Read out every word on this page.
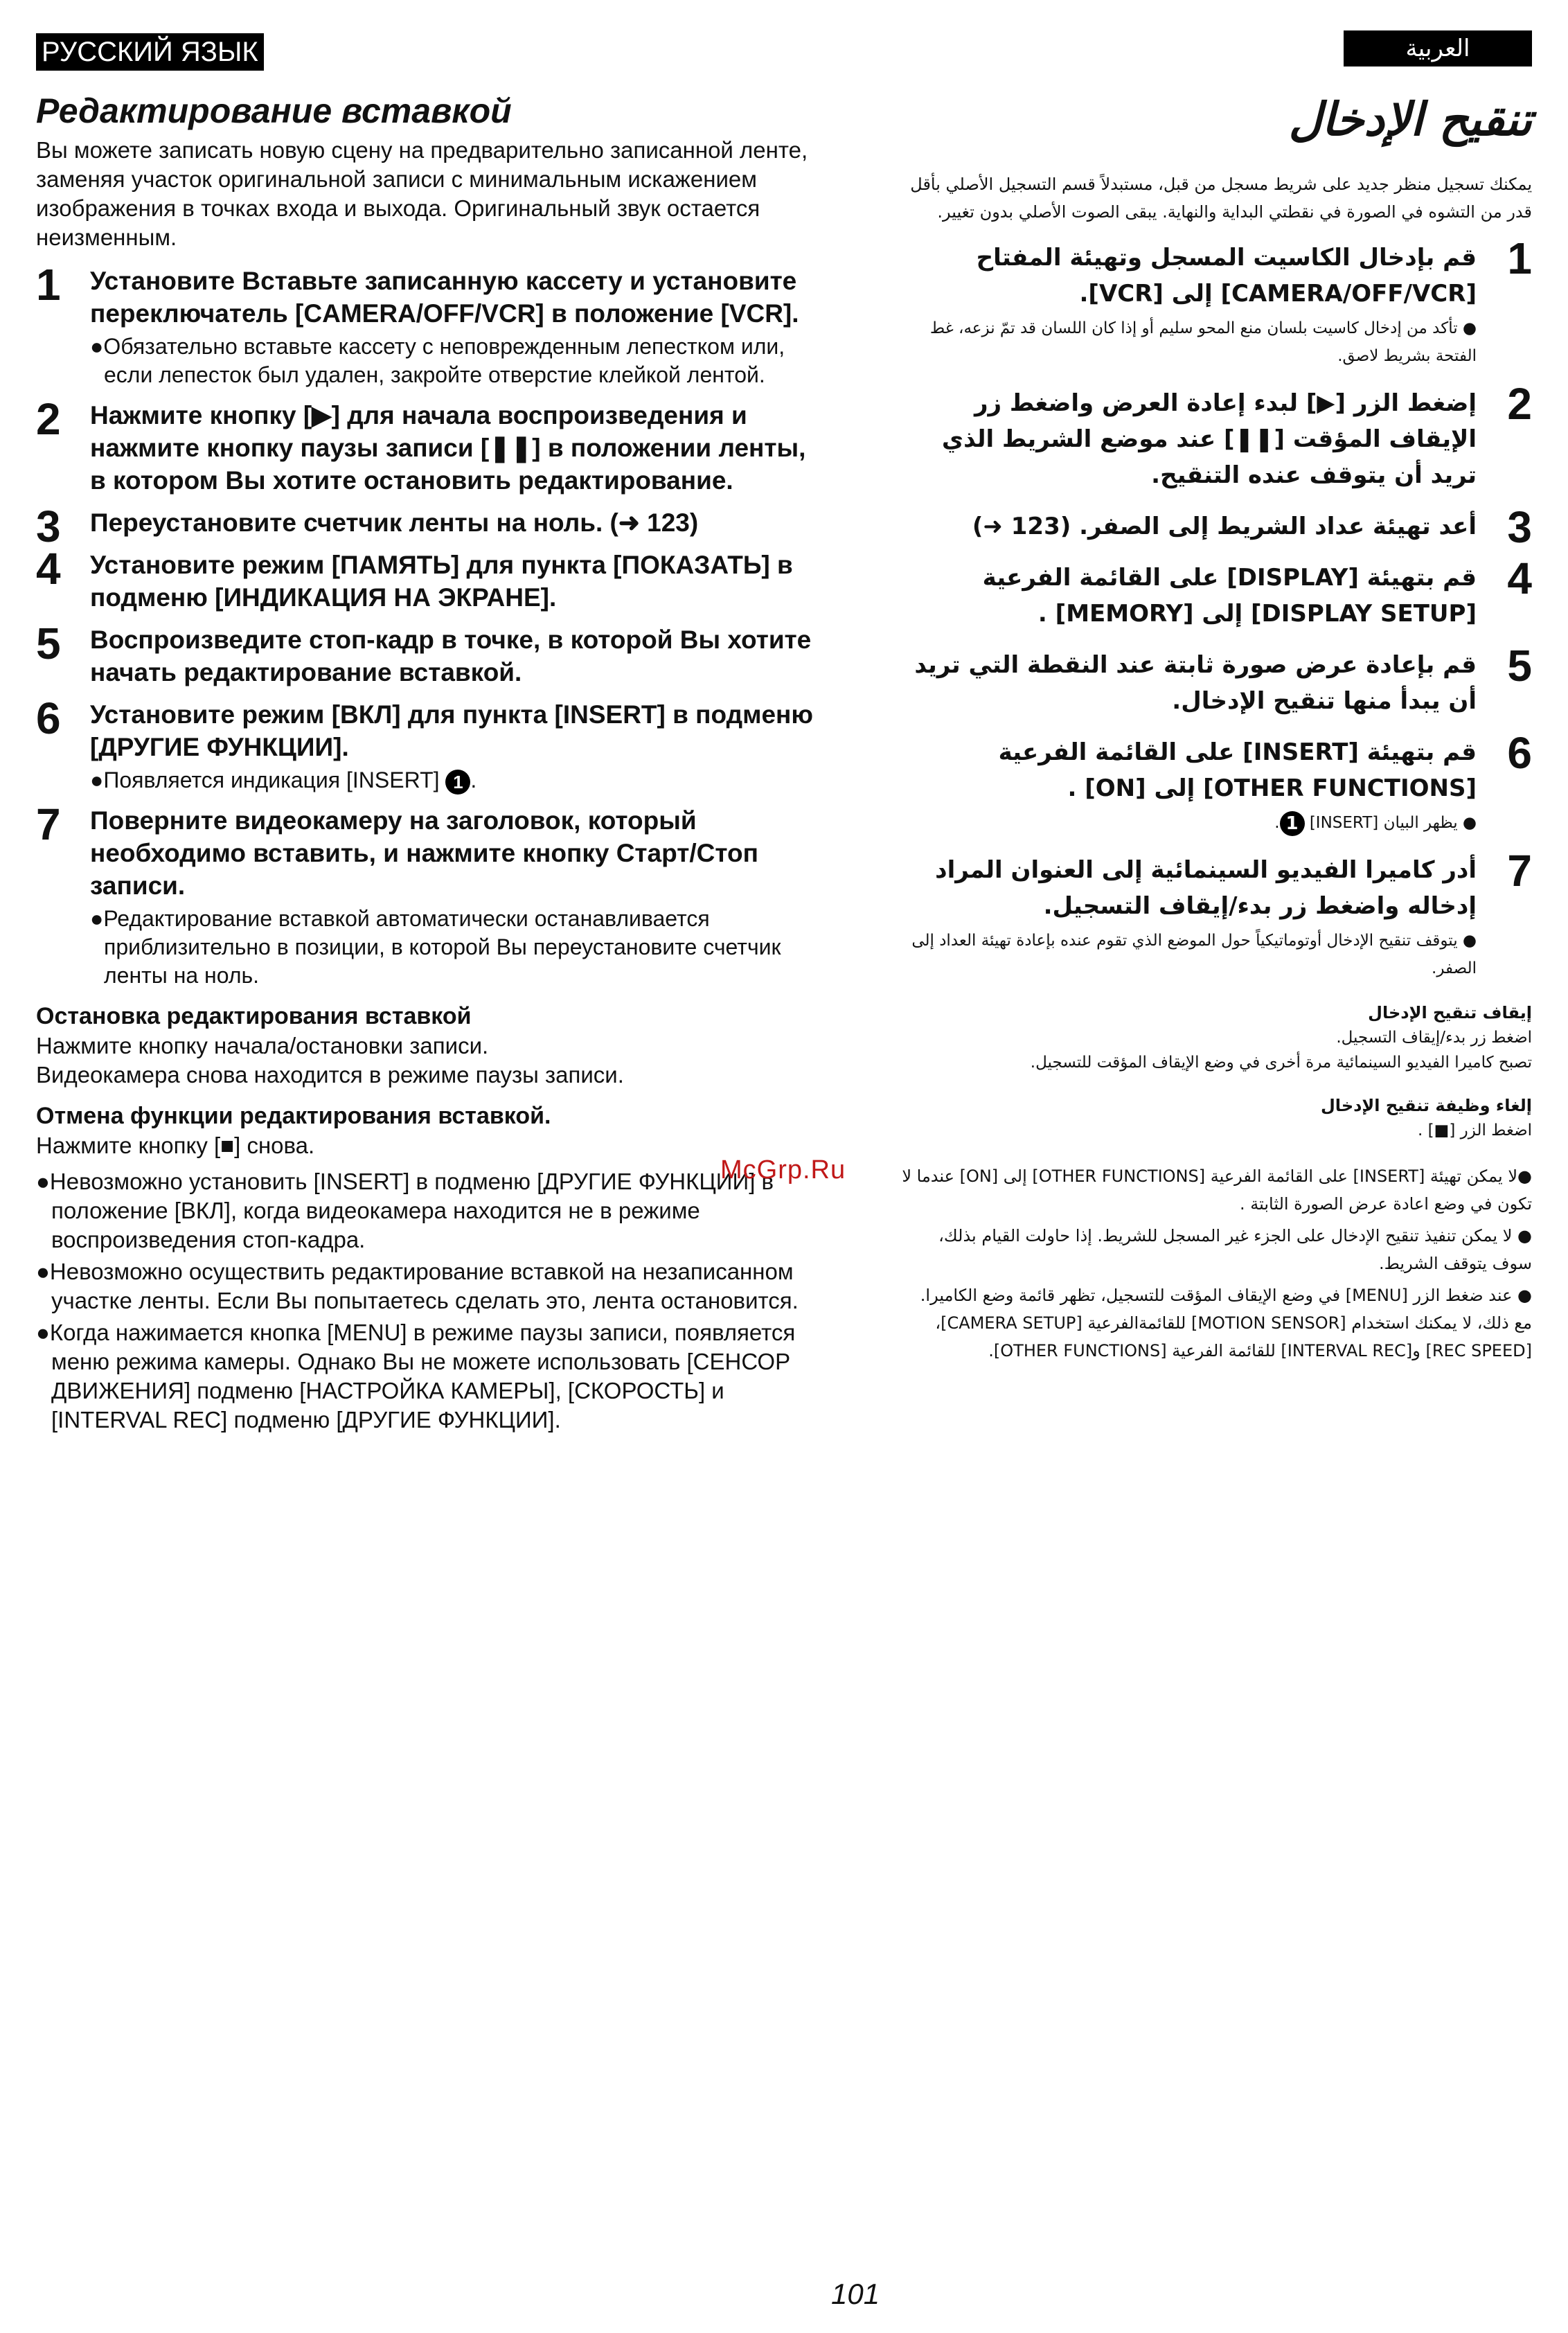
РУССКИЙ ЯЗЫК	العربية
Редактирование вставкой

Вы можете записать новую сцену на предварительно записанной ленте, заменяя участок оригинальной записи с минимальным искажением изображения в точках входа и выхода. Оригинальный звук остается неизменным.

1 Установите Вставьте записанную кассету и установите переключатель [CAMERA/OFF/VCR] в положение [VCR].
●Обязательно вставьте кассету с неповрежденным лепестком или, если лепесток был удален, закройте отверстие клейкой лентой.
2 Нажмите кнопку [▶] для начала воспроизведения и нажмите кнопку паузы записи [❚❚] в положении ленты, в котором Вы хотите остановить редактирование.
3 Переустановите счетчик ленты на ноль. (➜ 123)
4 Установите режим [ПАМЯТЬ] для пункта [ПОКАЗАТЬ] в подменю [ИНДИКАЦИЯ НА ЭКРАНЕ].
5 Воспроизведите стоп-кадр в точке, в которой Вы хотите начать редактирование вставкой.
6 Установите режим [ВКЛ] для пункта [INSERT] в подменю [ДРУГИЕ ФУНКЦИИ].
●Появляется индикация [INSERT] 1 .
7 Поверните видеокамеру на заголовок, который необходимо вставить, и нажмите кнопку Старт/Стоп записи.
●Редактирование вставкой автоматически останавливается приблизительно в позиции, в которой Вы переустановите счетчик ленты на ноль.
Остановка редактирования вставкой
Нажмите кнопку начала/остановки записи.
Видеокамера снова находится в режиме паузы записи.
Отмена функции редактирования вставкой.
Нажмите кнопку [■] снова.
●Невозможно установить [INSERT] в подменю [ДРУГИЕ ФУНКЦИИ] в положение [ВКЛ], когда видеокамера находится не в режиме воспроизведения стоп-кадра.
●Невозможно осуществить редактирование вставкой на незаписанном участке ленты. Если Вы попытаетесь сделать это, лента остановится.
●Когда нажимается кнопка [MENU] в режиме паузы записи, появляется меню режима камеры. Однако Вы не можете использовать [СЕНСОР ДВИЖЕНИЯ] подменю [НАСТРОЙКА КАМЕРЫ], [СКОРОСТЬ] и [INTERVAL REC] подменю [ДРУГИЕ ФУНКЦИИ].
McGrp.Ru
تنقيح الإدخال

يمكنك تسجيل منظر جديد على شريط مسجل من قبل، مستبدلاً قسم التسجيل الأصلي بأقل قدر من التشوه في الصورة في نقطتي البداية والنهاية. يبقى الصوت الأصلي بدون تغيير.

1
قم بإدخال الكاسيت المسجل وتهيئة المفتاح [CAMERA/OFF/VCR] إلى [VCR].
● تأكد من إدخال كاسيت بلسان منع المحو سليم أو إذا كان اللسان قد تمّ نزعه، غط الفتحة بشريط لاصق.
2
إضغط الزر [▶] لبدء إعادة العرض واضغط زر الإيقاف المؤقت [❚❚] عند موضع الشريط الذي تريد أن يتوقف عنده التنقيح.
3
أعد تهيئة عداد الشريط إلى الصفر. (123 ➜)
4
قم بتهيئة [DISPLAY] على القائمة الفرعية [DISPLAY SETUP] إلى [MEMORY] .
5
قم بإعادة عرض صورة ثابتة عند النقطة التي تريد أن يبدأ منها تنقيح الإدخال.
6
قم بتهيئة [INSERT] على القائمة الفرعية [OTHER FUNCTIONS] إلى [ON] .
● يظهر البيان [INSERT] 1.
7
أدر كاميرا الفيديو السينمائية إلى العنوان المراد إدخاله واضغط زر بدء/إيقاف التسجيل.
● يتوقف تنقيح الإدخال أوتوماتيكياً حول الموضع الذي تقوم عنده بإعادة تهيئة العداد إلى الصفر.
إيقاف تنقيح الإدخال
اضغط زر بدء/إيقاف التسجيل.
تصبح كاميرا الفيديو السينمائية مرة أخرى في وضع الإيقاف المؤقت للتسجيل.
إلغاء وظيفة تنقيح الإدخال
اضغط الزر [■] .
●لا يمكن تهيئة [INSERT] على القائمة الفرعية [OTHER FUNCTIONS] إلى [ON] عندما لا تكون في وضع اعادة عرض الصورة الثابتة .
● لا يمكن تنفيذ تنقيح الإدخال على الجزء غير المسجل للشريط. إذا حاولت القيام بذلك، سوف يتوقف الشريط.
● عند ضغط الزر [MENU] في وضع الإيقاف المؤقت للتسجيل، تظهر قائمة وضع الكاميرا. مع ذلك، لا يمكنك استخدام [MOTION SENSOR] للقائمةالفرعية [CAMERA SETUP]، [REC SPEED] و[INTERVAL REC] للقائمة الفرعية [OTHER FUNCTIONS].
101
